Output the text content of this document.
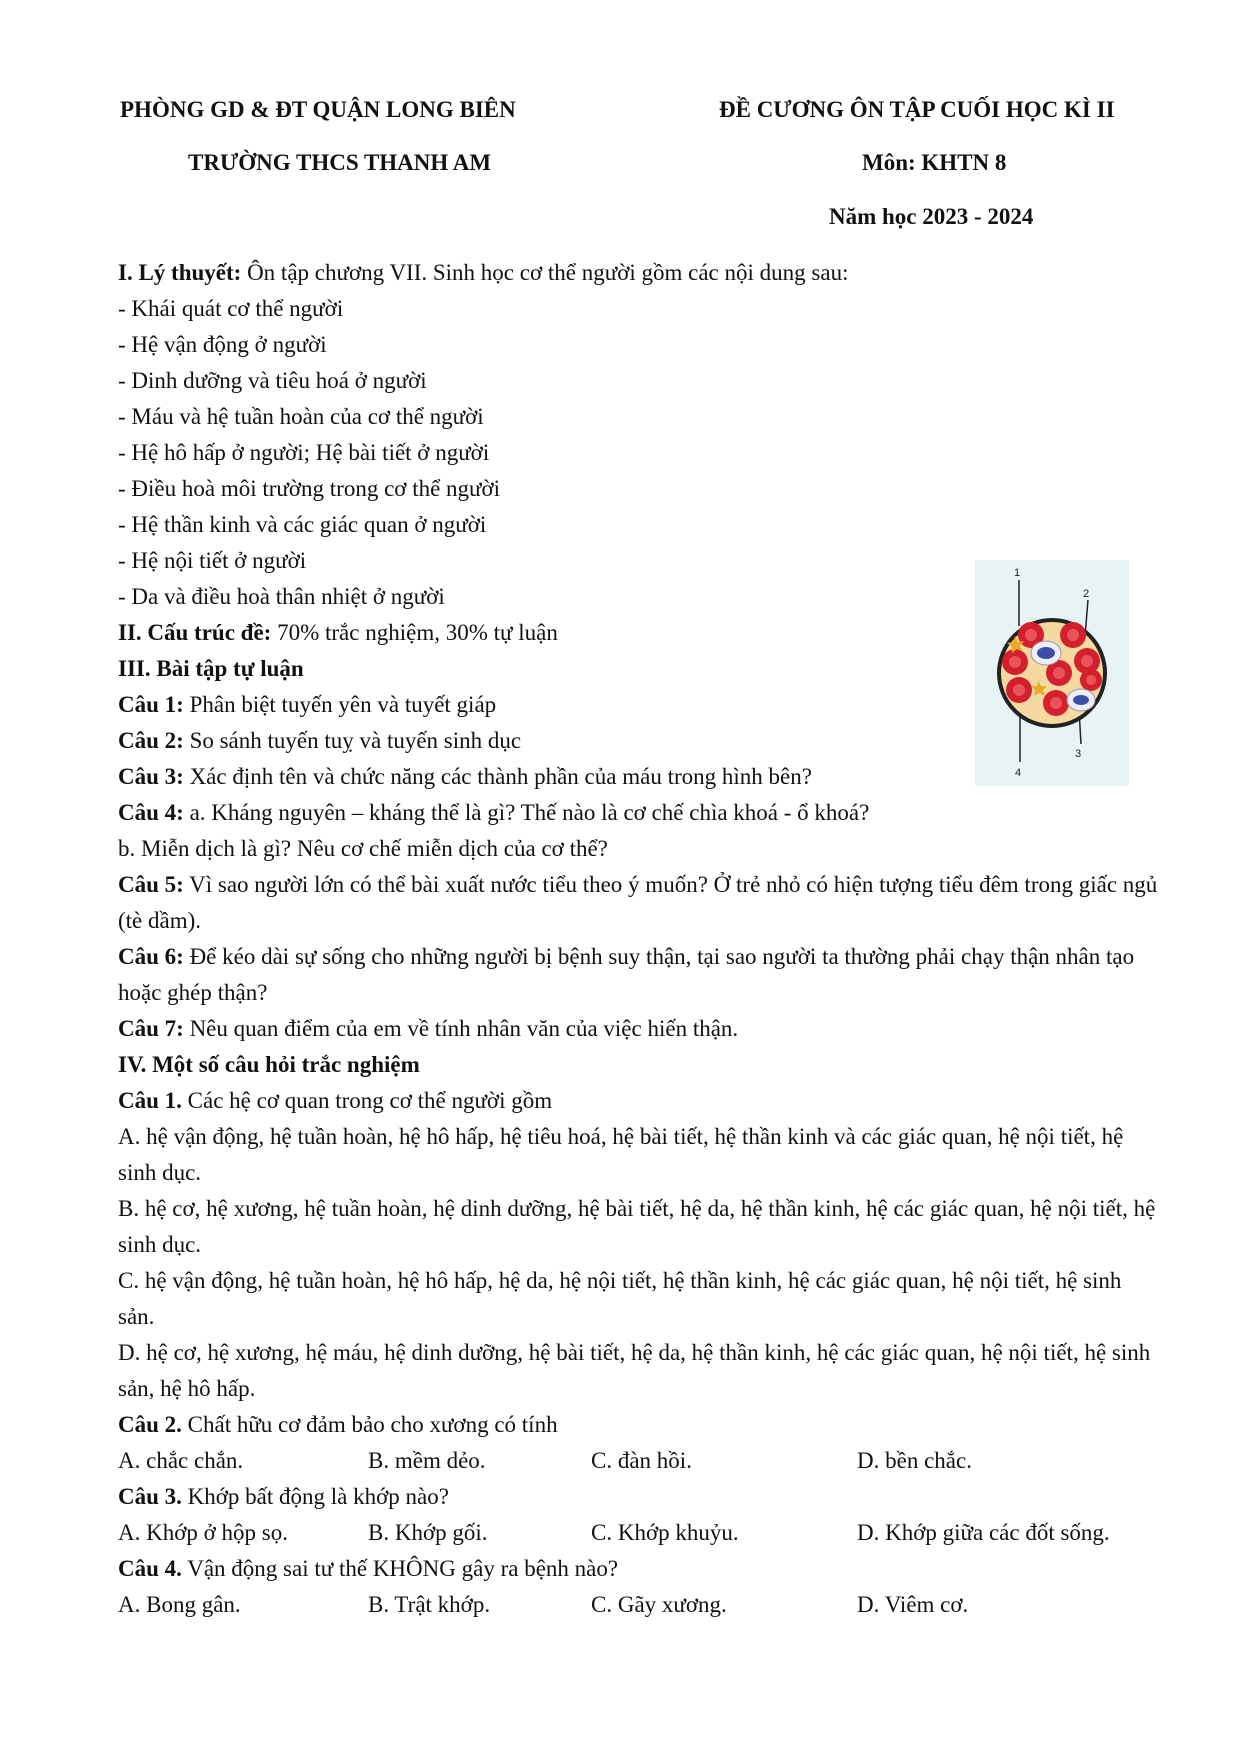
PHÒNG GD & ĐT QUẬN LONG BIÊN
TRƯỜNG THCS THANH AM
ĐỀ CƯƠNG ÔN TẬP CUỐI HỌC KÌ II
Môn: KHTN 8
Năm học 2023 - 2024
1
2
3
4
I. Lý thuyết: Ôn tập chương VII. Sinh học cơ thể người gồm các nội dung sau:
- Khái quát cơ thể người
- Hệ vận động ở người
- Dinh dưỡng và tiêu hoá ở người
- Máu và hệ tuần hoàn của cơ thể người
- Hệ hô hấp ở người; Hệ bài tiết ở người
- Điều hoà môi trường trong cơ thể người
- Hệ thần kinh và các giác quan ở người
- Hệ nội tiết ở người
- Da và điều hoà thân nhiệt ở người
II. Cấu trúc đề: 70% trắc nghiệm, 30% tự luận
III. Bài tập tự luận
Câu 1: Phân biệt tuyến yên và tuyết giáp
Câu 2: So sánh tuyến tuỵ và tuyến sinh dục
Câu 3: Xác định tên và chức năng các thành phần của máu trong hình bên?
Câu 4: a. Kháng nguyên – kháng thể là gì? Thế nào là cơ chế chìa khoá - ổ khoá?
b. Miễn dịch là gì? Nêu cơ chế miễn dịch của cơ thể?
Câu 5: Vì sao người lớn có thể bài xuất nước tiểu theo ý muốn? Ở trẻ nhỏ có hiện tượng tiểu đêm trong giấc ngủ (tè dầm).
Câu 6: Để kéo dài sự sống cho những người bị bệnh suy thận, tại sao người ta thường phải chạy thận nhân tạo hoặc ghép thận?
Câu 7: Nêu quan điểm của em về tính nhân văn của việc hiến thận.
IV. Một số câu hỏi trắc nghiệm
Câu 1. Các hệ cơ quan trong cơ thể người gồm
A. hệ vận động, hệ tuần hoàn, hệ hô hấp, hệ tiêu hoá, hệ bài tiết, hệ thần kinh và các giác quan, hệ nội tiết, hệ sinh dục.
B. hệ cơ, hệ xương, hệ tuần hoàn, hệ dinh dưỡng, hệ bài tiết, hệ da, hệ thần kinh, hệ các giác quan, hệ nội tiết, hệ sinh dục.
C. hệ vận động, hệ tuần hoàn, hệ hô hấp, hệ da, hệ nội tiết, hệ thần kinh, hệ các giác quan, hệ nội tiết, hệ sinh sản.
D. hệ cơ, hệ xương, hệ máu, hệ dinh dưỡng, hệ bài tiết, hệ da, hệ thần kinh, hệ các giác quan, hệ nội tiết, hệ sinh sản, hệ hô hấp.
Câu 2. Chất hữu cơ đảm bảo cho xương có tính
A. chắc chắn.	B. mềm dẻo.	C. đàn hồi.	D. bền chắc.
Câu 3. Khớp bất động là khớp nào?
A. Khớp ở hộp sọ.	B. Khớp gối.	C. Khớp khuỷu.	D. Khớp giữa các đốt sống.
Câu 4. Vận động sai tư thế KHÔNG gây ra bệnh nào?
A. Bong gân.	B. Trật khớp.	C. Gãy xương.	D. Viêm cơ.
